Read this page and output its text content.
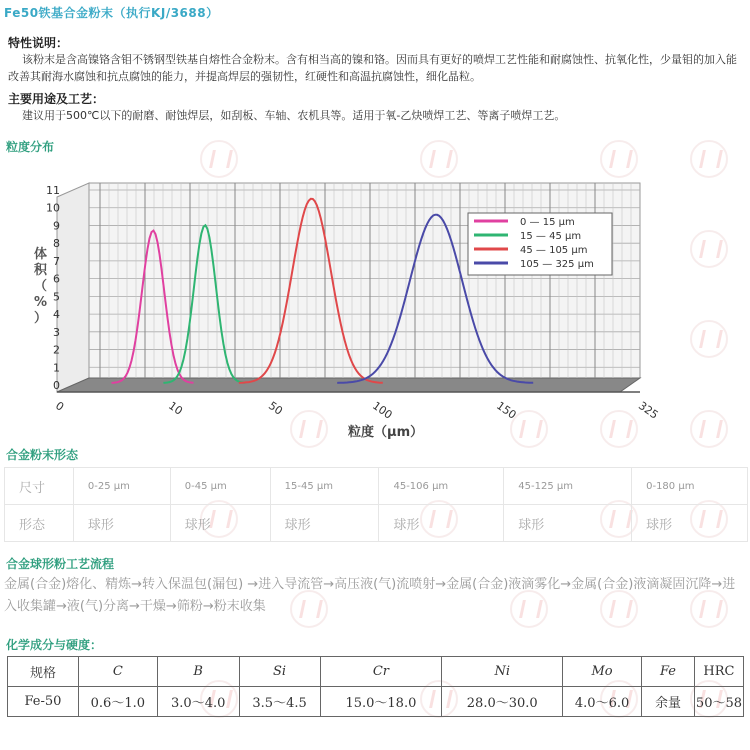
Fe50铁基合金粉末（执行KJ/3688）
特性说明：
该粉末是含高镍铬含钼不锈钢型铁基自熔性合金粉末。含有相当高的镍和铬。因而具有更好的喷焊工艺性能和耐腐蚀性、抗氧化性，少量钼的加入能改善其耐海水腐蚀和抗点腐蚀的能力，并提高焊层的强韧性，红硬性和高温抗腐蚀性，细化晶粒。
主要用途及工艺：
建议用于500℃以下的耐磨、耐蚀焊层，如刮板、车轴、农机具等。适用于氧-乙炔喷焊工艺、等离子喷焊工艺。
粒度分布
0
1
2
3
4
5
6
7
8
9
10
11
0	10	50	100	150	325
0 — 15 μm
15 — 45 μm
45 — 105 μm
105 — 325 μm
体积（%）
粒度（μm）
合金粉末形态
尺寸	0-25 μm	0-45 μm	15-45 μm	45-106 μm	45-125 μm	0-180 μm
形态	球形	球形	球形	球形	球形	球形
合金球形粉工艺流程
金属(合金)熔化、精炼→转入保温包(漏包) →进入导流管→高压液(气)流喷射→金属(合金)液滴雾化→金属(合金)液滴凝固沉降→进入收集罐→液(气)分离→干燥→筛粉→粉末收集
化学成分与硬度：
规格	C	B	Si	Cr	Ni	Mo	Fe	HRC
Fe-50	0.6～1.0	3.0～4.0	3.5～4.5	15.0～18.0	28.0～30.0	4.0～6.0	余量	50～58
